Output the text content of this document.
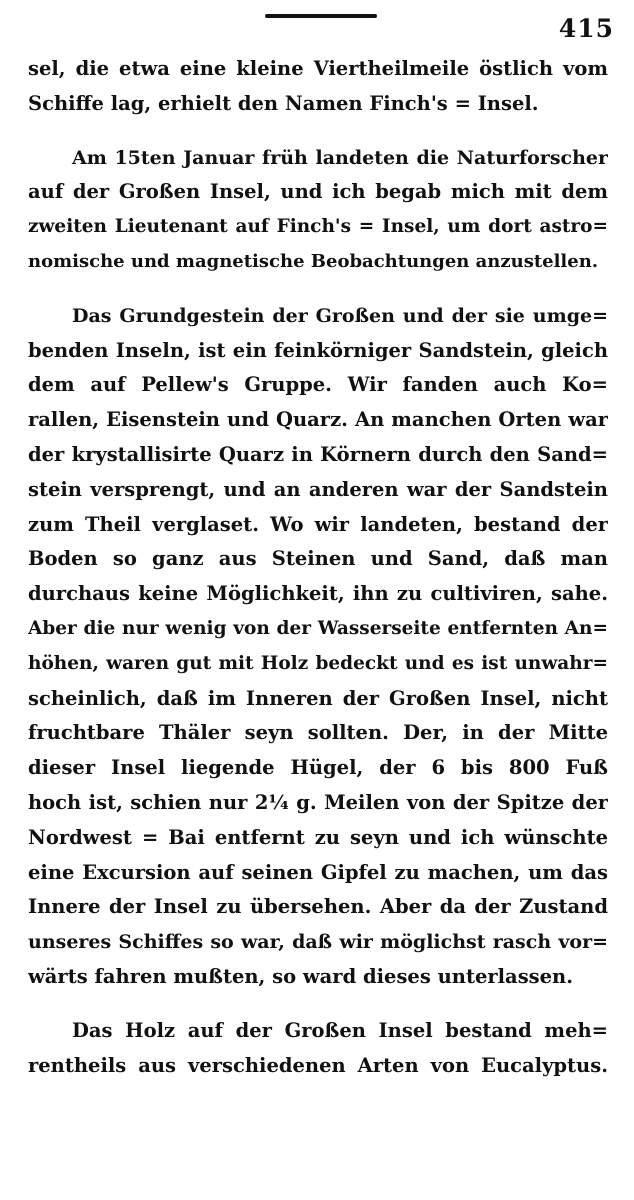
415
sel, die etwa eine kleine Viertheilmeile östlich vom
Schiffe lag, erhielt den Namen Finch's = Insel.
Am 15ten Januar früh landeten die Naturforscher
auf der Großen Insel, und ich begab mich mit dem
zweiten Lieutenant auf Finch's = Insel, um dort astro=
nomische und magnetische Beobachtungen anzustellen.
Das Grundgestein der Großen und der sie umge=
benden Inseln, ist ein feinkörniger Sandstein, gleich
dem auf Pellew's Gruppe. Wir fanden auch Ko=
rallen, Eisenstein und Quarz. An manchen Orten war
der krystallisirte Quarz in Körnern durch den Sand=
stein versprengt, und an anderen war der Sandstein
zum Theil verglaset. Wo wir landeten, bestand der
Boden so ganz aus Steinen und Sand, daß man
durchaus keine Möglichkeit, ihn zu cultiviren, sahe.
Aber die nur wenig von der Wasserseite entfernten An=
höhen, waren gut mit Holz bedeckt und es ist unwahr=
scheinlich, daß im Inneren der Großen Insel, nicht
fruchtbare Thäler seyn sollten. Der, in der Mitte
dieser Insel liegende Hügel, der 6 bis 800 Fuß
hoch ist, schien nur 2¼ g. Meilen von der Spitze der
Nordwest = Bai entfernt zu seyn und ich wünschte
eine Excursion auf seinen Gipfel zu machen, um das
Innere der Insel zu übersehen. Aber da der Zustand
unseres Schiffes so war, daß wir möglichst rasch vor=
wärts fahren mußten, so ward dieses unterlassen.
Das Holz auf der Großen Insel bestand meh=
rentheils aus verschiedenen Arten von Eucalyptus.
